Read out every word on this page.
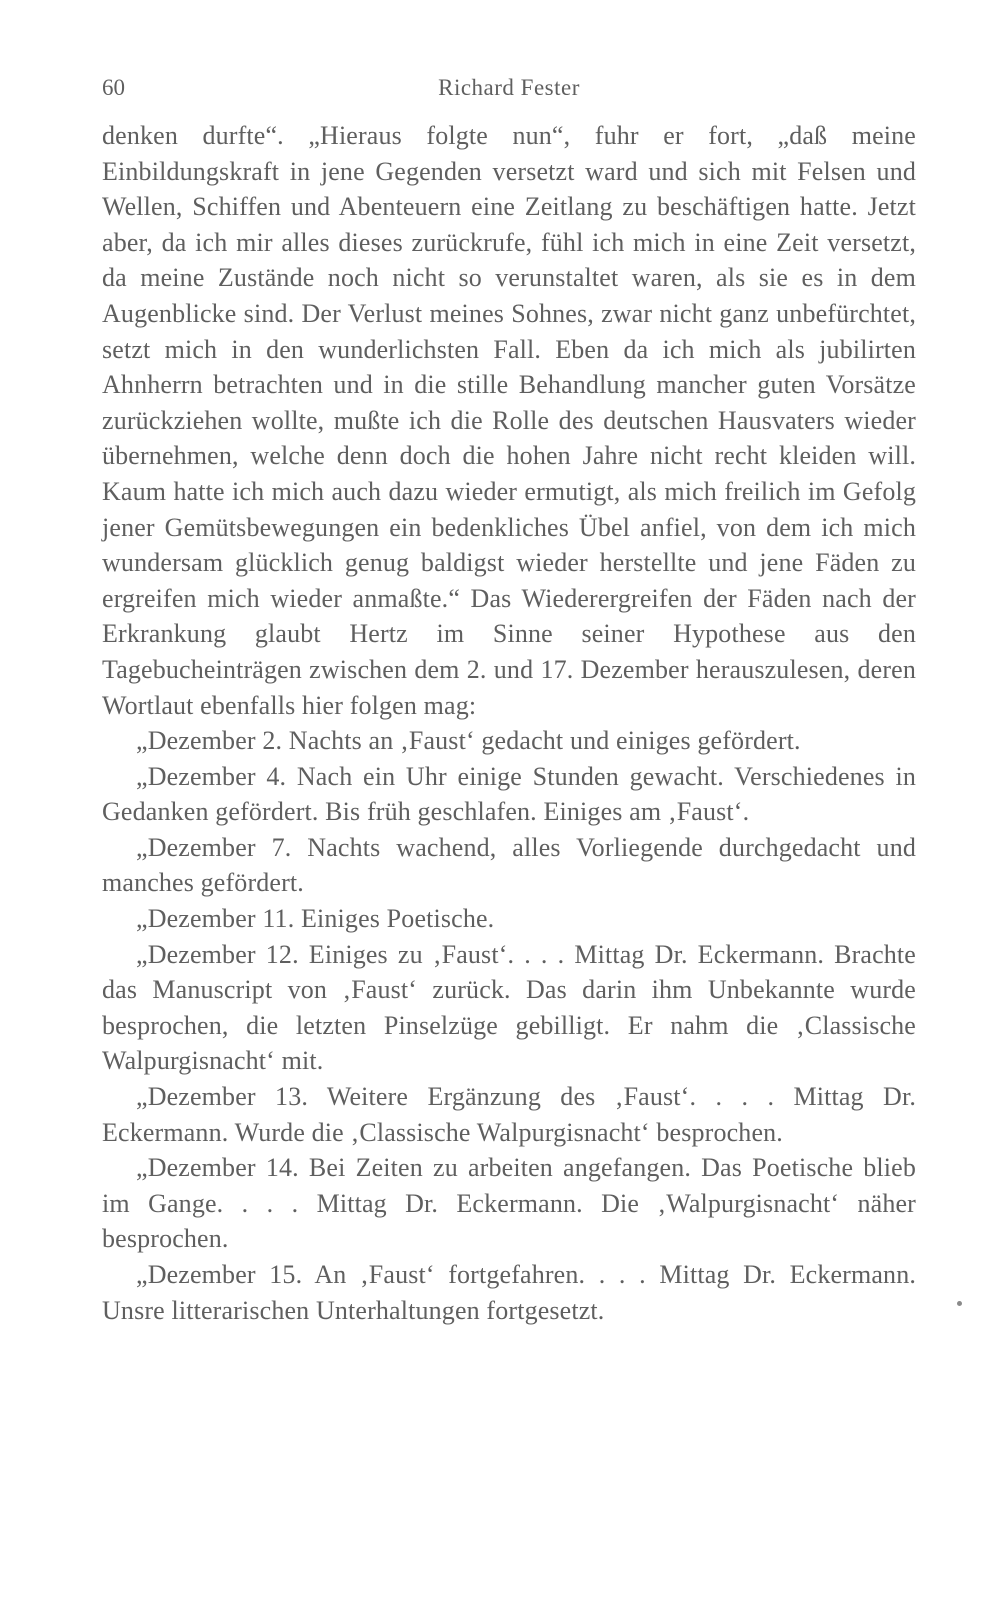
60	Richard Fester

denken durfte“. „Hieraus folgte nun“, fuhr er fort, „daß meine Einbildungskraft in jene Gegenden versetzt ward und sich mit Felsen und Wellen, Schiffen und Abenteuern eine Zeitlang zu beschäftigen hatte. Jetzt aber, da ich mir alles dieses zurückrufe, fühl ich mich in eine Zeit versetzt, da meine Zustände noch nicht so verunstaltet waren, als sie es in dem Augenblicke sind. Der Verlust meines Sohnes, zwar nicht ganz unbefürchtet, setzt mich in den wunderlichsten Fall. Eben da ich mich als jubilirten Ahnherrn betrachten und in die stille Behandlung mancher guten Vorsätze zurückziehen wollte, mußte ich die Rolle des deutschen Hausvaters wieder übernehmen, welche denn doch die hohen Jahre nicht recht kleiden will. Kaum hatte ich mich auch dazu wieder ermutigt, als mich freilich im Gefolg jener Gemütsbewegungen ein bedenkliches Übel anfiel, von dem ich mich wundersam glücklich genug baldigst wieder herstellte und jene Fäden zu ergreifen mich wieder anmaßte.“ Das Wiederergreifen der Fäden nach der Erkrankung glaubt Hertz im Sinne seiner Hypothese aus den Tagebucheinträgen zwischen dem 2. und 17. Dezember herauszulesen, deren Wortlaut ebenfalls hier folgen mag:

„Dezember 2. Nachts an ‚Faust‘ gedacht und einiges gefördert.

„Dezember 4. Nach ein Uhr einige Stunden gewacht. Verschiedenes in Gedanken gefördert. Bis früh geschlafen. Einiges am ‚Faust‘.

„Dezember 7. Nachts wachend, alles Vorliegende durchgedacht und manches gefördert.

„Dezember 11. Einiges Poetische.

„Dezember 12. Einiges zu ‚Faust‘. . . . Mittag Dr. Eckermann. Brachte das Manuscript von ‚Faust‘ zurück. Das darin ihm Unbekannte wurde besprochen, die letzten Pinselzüge gebilligt. Er nahm die ‚Classische Walpurgisnacht‘ mit.

„Dezember 13. Weitere Ergänzung des ‚Faust‘. . . . Mittag Dr. Eckermann. Wurde die ‚Classische Walpurgisnacht‘ besprochen.

„Dezember 14. Bei Zeiten zu arbeiten angefangen. Das Poetische blieb im Gange. . . . Mittag Dr. Eckermann. Die ‚Walpurgisnacht‘ näher besprochen.

„Dezember 15. An ‚Faust‘ fortgefahren. . . . Mittag Dr. Eckermann. Unsre litterarischen Unterhaltungen fortgesetzt.
